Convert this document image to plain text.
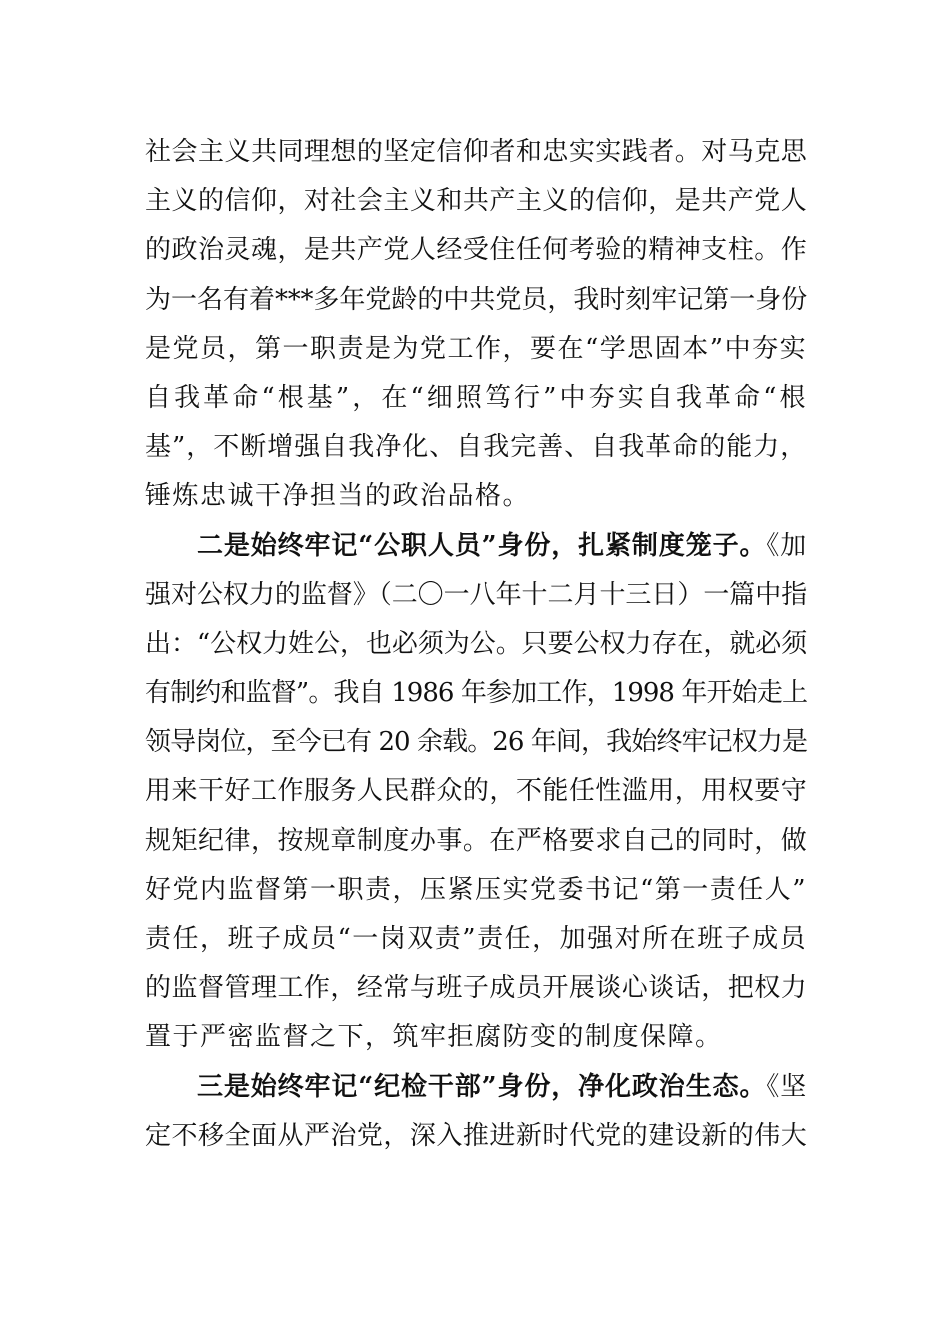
社会主义共同理想的坚定信仰者和忠实实践者。对马克思
主义的信仰，对社会主义和共产主义的信仰，是共产党人
的政治灵魂，是共产党人经受住任何考验的精神支柱。作
为一名有着***多年党龄的中共党员，我时刻牢记第一身份
是党员，第一职责是为党工作，要在“学思固本”中夯实
自我革命“根基”，在“细照笃行”中夯实自我革命“根
基”，不断增强自我净化、自我完善、自我革命的能力，
锤炼忠诚干净担当的政治品格。
二是始终牢记“公职人员”身份，扎紧制度笼子。《加
强对公权力的监督》（二〇一八年十二月十三日）一篇中指
出：“公权力姓公，也必须为公。只要公权力存在，就必须
有制约和监督”。我自 1986 年参加工作，1998 年开始走上
领导岗位，至今已有 20 余载。26 年间，我始终牢记权力是
用来干好工作服务人民群众的，不能任性滥用，用权要守
规矩纪律，按规章制度办事。在严格要求自己的同时，做
好党内监督第一职责，压紧压实党委书记“第一责任人”
责任，班子成员“一岗双责”责任，加强对所在班子成员
的监督管理工作，经常与班子成员开展谈心谈话，把权力
置于严密监督之下，筑牢拒腐防变的制度保障。
三是始终牢记“纪检干部”身份，净化政治生态。《坚
定不移全面从严治党，深入推进新时代党的建设新的伟大
